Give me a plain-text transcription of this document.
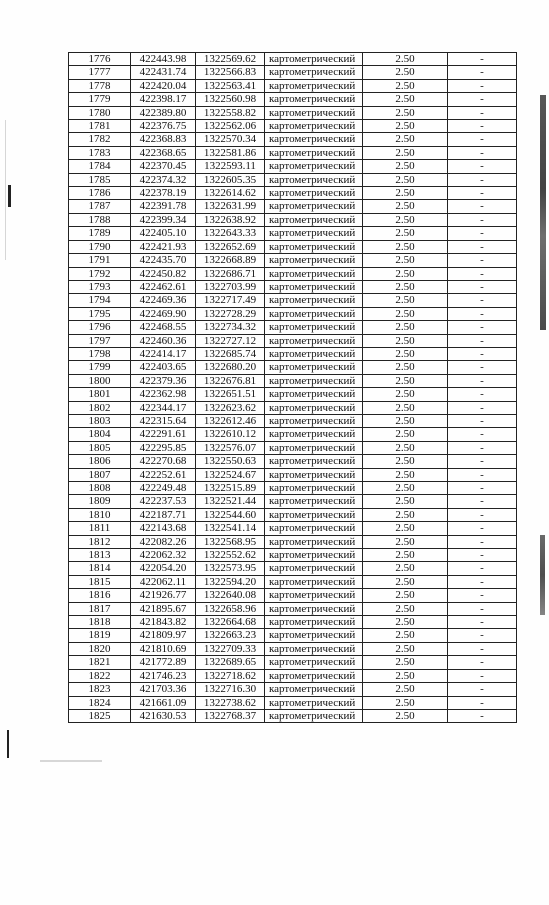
1776	422443.98	1322569.62	картометрический	2.50	-
1777	422431.74	1322566.83	картометрический	2.50	-
1778	422420.04	1322563.41	картометрический	2.50	-
1779	422398.17	1322560.98	картометрический	2.50	-
1780	422389.80	1322558.82	картометрический	2.50	-
1781	422376.75	1322562.06	картометрический	2.50	-
1782	422368.83	1322570.34	картометрический	2.50	-
1783	422368.65	1322581.86	картометрический	2.50	-
1784	422370.45	1322593.11	картометрический	2.50	-
1785	422374.32	1322605.35	картометрический	2.50	-
1786	422378.19	1322614.62	картометрический	2.50	-
1787	422391.78	1322631.99	картометрический	2.50	-
1788	422399.34	1322638.92	картометрический	2.50	-
1789	422405.10	1322643.33	картометрический	2.50	-
1790	422421.93	1322652.69	картометрический	2.50	-
1791	422435.70	1322668.89	картометрический	2.50	-
1792	422450.82	1322686.71	картометрический	2.50	-
1793	422462.61	1322703.99	картометрический	2.50	-
1794	422469.36	1322717.49	картометрический	2.50	-
1795	422469.90	1322728.29	картометрический	2.50	-
1796	422468.55	1322734.32	картометрический	2.50	-
1797	422460.36	1322727.12	картометрический	2.50	-
1798	422414.17	1322685.74	картометрический	2.50	-
1799	422403.65	1322680.20	картометрический	2.50	-
1800	422379.36	1322676.81	картометрический	2.50	-
1801	422362.98	1322651.51	картометрический	2.50	-
1802	422344.17	1322623.62	картометрический	2.50	-
1803	422315.64	1322612.46	картометрический	2.50	-
1804	422291.61	1322610.12	картометрический	2.50	-
1805	422295.85	1322576.07	картометрический	2.50	-
1806	422270.68	1322550.63	картометрический	2.50	-
1807	422252.61	1322524.67	картометрический	2.50	-
1808	422249.48	1322515.89	картометрический	2.50	-
1809	422237.53	1322521.44	картометрический	2.50	-
1810	422187.71	1322544.60	картометрический	2.50	-
1811	422143.68	1322541.14	картометрический	2.50	-
1812	422082.26	1322568.95	картометрический	2.50	-
1813	422062.32	1322552.62	картометрический	2.50	-
1814	422054.20	1322573.95	картометрический	2.50	-
1815	422062.11	1322594.20	картометрический	2.50	-
1816	421926.77	1322640.08	картометрический	2.50	-
1817	421895.67	1322658.96	картометрический	2.50	-
1818	421843.82	1322664.68	картометрический	2.50	-
1819	421809.97	1322663.23	картометрический	2.50	-
1820	421810.69	1322709.33	картометрический	2.50	-
1821	421772.89	1322689.65	картометрический	2.50	-
1822	421746.23	1322718.62	картометрический	2.50	-
1823	421703.36	1322716.30	картометрический	2.50	-
1824	421661.09	1322738.62	картометрический	2.50	-
1825	421630.53	1322768.37	картометрический	2.50	-
